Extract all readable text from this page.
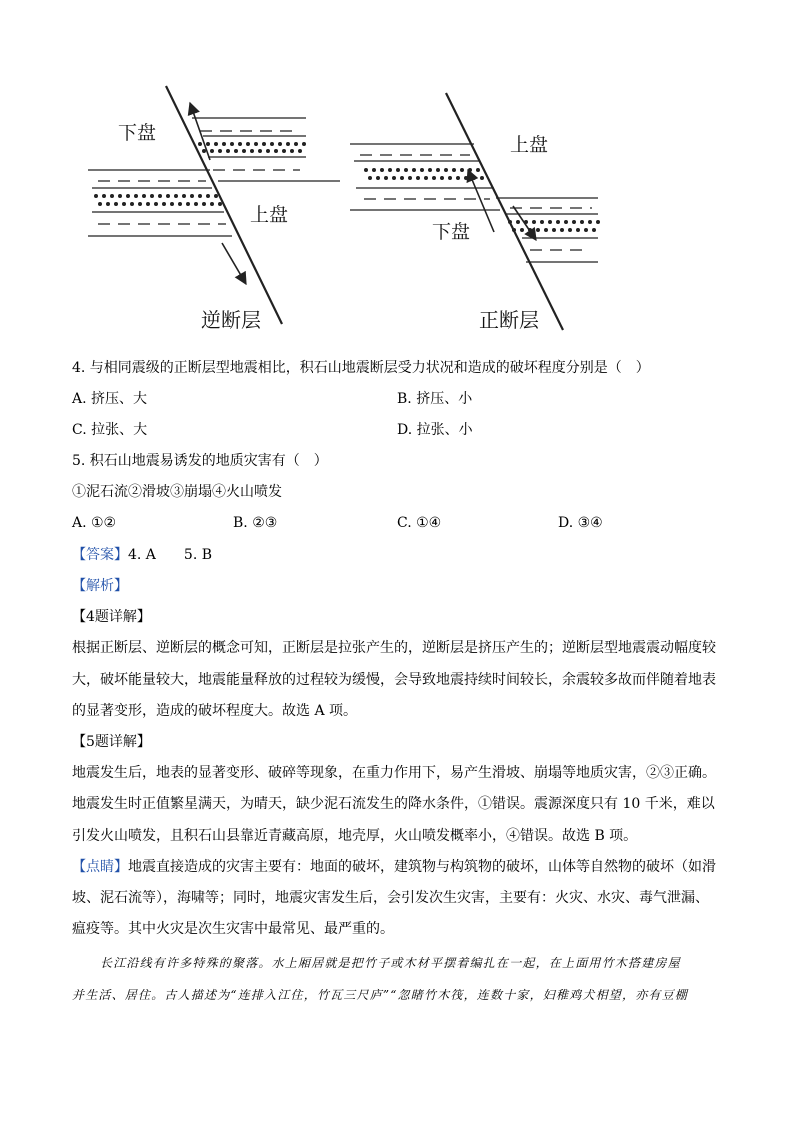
下盘
上盘
逆断层
上盘
下盘
正断层
4. 与相同震级的正断层型地震相比，积石山地震断层受力状况和造成的破坏程度分别是（　）
A. 挤压、大	B. 挤压、小
C. 拉张、大	D. 拉张、小
5. 积石山地震易诱发的地质灾害有（　）
①泥石流②滑坡③崩塌④火山喷发
A. ①②	B. ②③	C. ①④	D. ③④
【答案】4. A　　5. B
【解析】
【4题详解】
根据正断层、逆断层的概念可知，正断层是拉张产生的，逆断层是挤压产生的；逆断层型地震震动幅度较
大，破坏能量较大，地震能量释放的过程较为缓慢，会导致地震持续时间较长，余震较多故而伴随着地表
的显著变形，造成的破坏程度大。故选 A 项。
【5题详解】
地震发生后，地表的显著变形、破碎等现象，在重力作用下，易产生滑坡、崩塌等地质灾害，②③正确。
地震发生时正值繁星满天，为晴天，缺少泥石流发生的降水条件，①错误。震源深度只有 10 千米，难以
引发火山喷发，且积石山县靠近青藏高原，地壳厚，火山喷发概率小，④错误。故选 B 项。
【点睛】地震直接造成的灾害主要有：地面的破坏，建筑物与构筑物的破坏，山体等自然物的破坏（如滑
坡、泥石流等），海啸等；同时，地震灾害发生后，会引发次生灾害，主要有：火灾、水灾、毒气泄漏、
瘟疫等。其中火灾是次生灾害中最常见、最严重的。
长江沿线有许多特殊的聚落。水上厢居就是把竹子或木材平摆着编扎在一起，在上面用竹木搭建房屋
并生活、居住。古人描述为“连排入江住，竹瓦三尺庐”“忽睹竹木筏，连数十家，妇稚鸡犬相望，亦有豆棚
